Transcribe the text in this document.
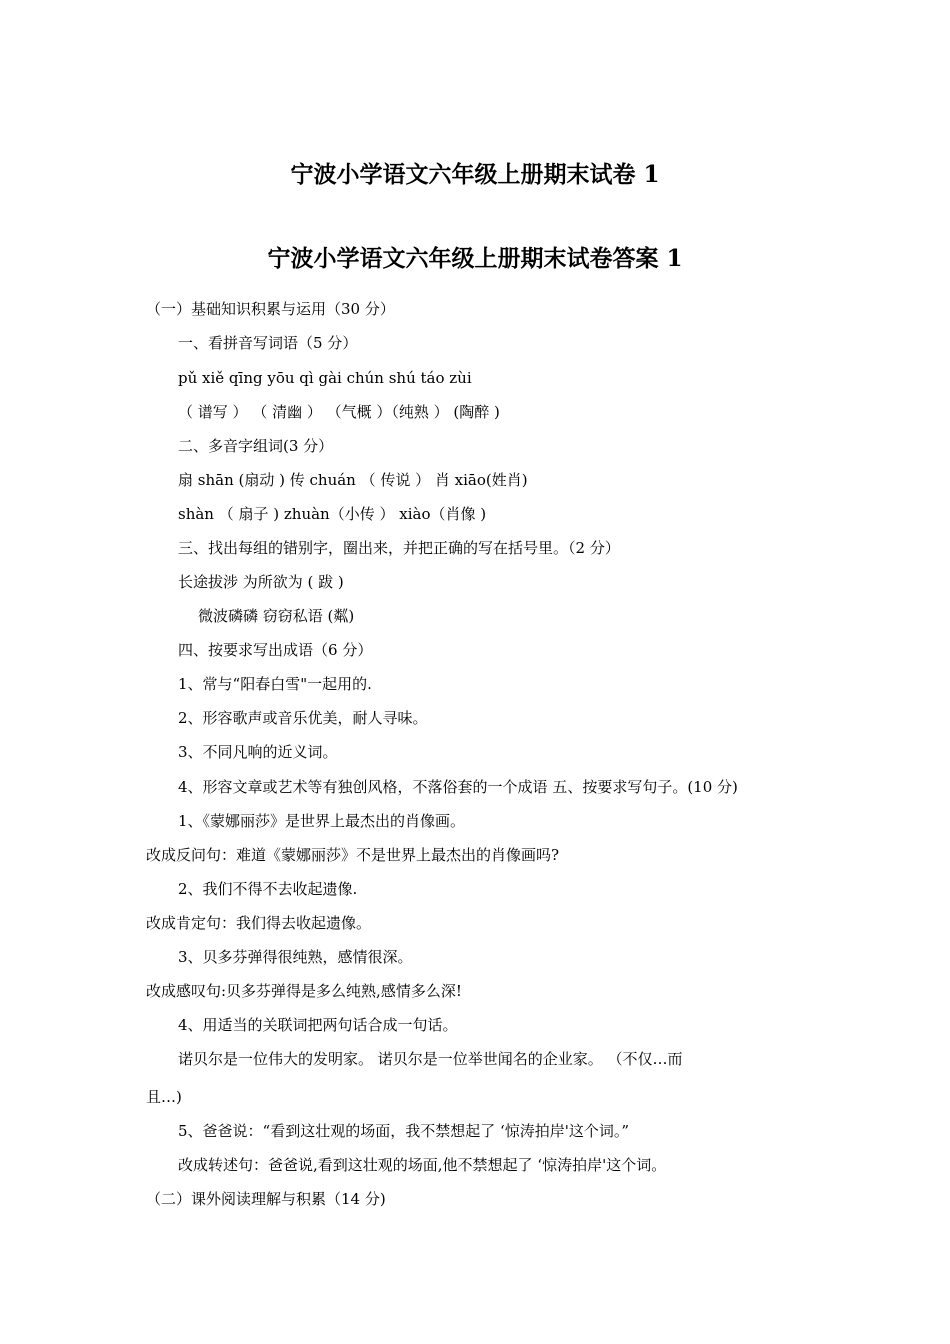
宁波小学语文六年级上册期末试卷 1
宁波小学语文六年级上册期末试卷答案 1
（一）基础知识积累与运用（30 分）
一、看拼音写词语（5 分）
pǔ xiě qīng yōu qì gài chún shú táo zùi
（ 谱写 ） （ 清幽 ） （气概 ）（纯熟 ） (陶醉 )
二、多音字组词(3 分）
扇 shān (扇动 ) 传 chuán （ 传说 ） 肖 xiāo(姓肖)
shàn （ 扇子 ) zhuàn（小传 ） xiào（肖像 )
三、找出每组的错别字，圈出来，并把正确的写在括号里。（2 分）
长途拔涉 为所欲为 ( 跋 )
微波磷磷 窃窃私语 (粼)
四、按要求写出成语（6 分）
1、常与“阳春白雪"一起用的.
2、形容歌声或音乐优美，耐人寻味。
3、不同凡响的近义词。
4、形容文章或艺术等有独创风格，不落俗套的一个成语 五、按要求写句子。(10 分)
1、《蒙娜丽莎》是世界上最杰出的肖像画。
改成反问句：难道《蒙娜丽莎》不是世界上最杰出的肖像画吗?
2、我们不得不去收起遗像.
改成肯定句：我们得去收起遗像。
3、贝多芬弹得很纯熟，感情很深。
改成感叹句:贝多芬弹得是多么纯熟,感情多么深!
4、用适当的关联词把两句话合成一句话。
诺贝尔是一位伟大的发明家。 诺贝尔是一位举世闻名的企业家。 （不仅…而
且…)
5、爸爸说：“看到这壮观的场面，我不禁想起了 ‘惊涛拍岸'这个词。”
改成转述句：爸爸说,看到这壮观的场面,他不禁想起了 ‘惊涛拍岸'这个词。
（二）课外阅读理解与积累（14 分)
